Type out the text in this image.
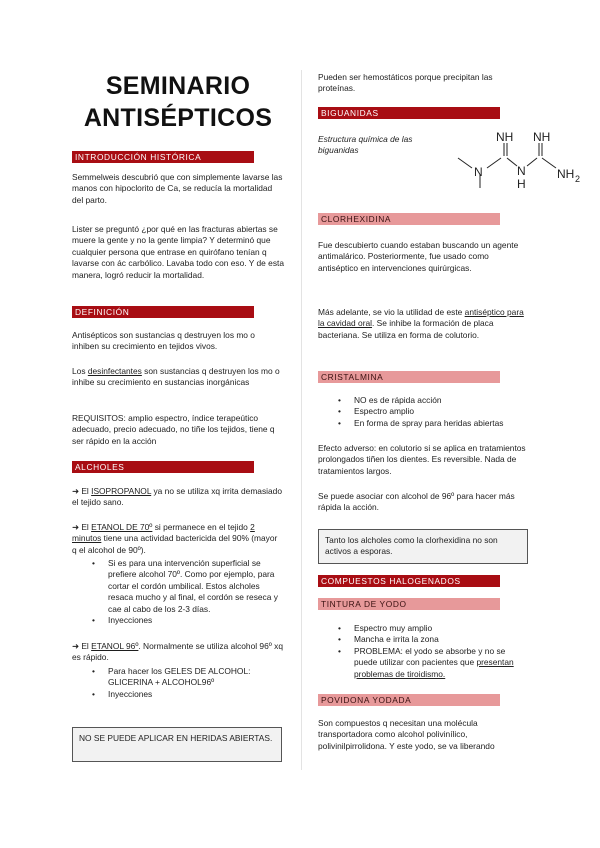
SEMINARIO
ANTISÉPTICOS
INTRODUCCIÓN HISTÓRICA
Semmelweis descubrió que con simplemente lavarse las manos con hipoclorito de Ca, se reducía la mortalidad del parto.
Lister se preguntó ¿por qué en las fracturas abiertas se muere la gente y no la gente limpia? Y determinó que cualquier persona que entrase en quirófano tenían q lavarse con ác carbólico. Lavaba todo con eso. Y de esta manera, logró reducir la mortalidad.
DEFINICIÓN
Antisépticos son sustancias q destruyen los mo o inhiben su crecimiento en tejidos vivos.
Los desinfectantes son sustancias q destruyen los mo o inhibe su crecimiento en sustancias inorgánicas
REQUISITOS: amplio espectro, índice terapeútico adecuado, precio adecuado, no tiñe los tejidos, tiene q ser rápido en la acción
ALCHOLES
➜ El ISOPROPANOL ya no se utiliza xq irrita demasiado el tejido sano.
➜ El ETANOL DE 70º si permanece en el tejido 2 minutos tiene una actividad bactericida del 90% (mayor q el alcohol de 90º).
• Si es para una intervención superficial se prefiere alcohol 70º. Como por ejemplo, para cortar el cordón umbilical. Estos alcholes resaca mucho y al final, el cordón se reseca y cae al cabo de los 2-3 días.
• Inyecciones
➜ El ETANOL 96º. Normalmente se utiliza alcohol 96º xq es rápido.
• Para hacer los GELES DE ALCOHOL: GLICERINA + ALCOHOL96º
• Inyecciones
NO SE PUEDE APLICAR EN HERIDAS ABIERTAS.
Pueden ser hemostáticos porque precipitan las proteínas.
BIGUANIDAS
Estructura química de las biguanidas
NH NH
N	N
H
NH 2
CLORHEXIDINA
Fue descubierto cuando estaban buscando un agente antimalárico. Posteriormente, fue usado como antiséptico en intervenciones quirúrgicas.
Más adelante, se vio la utilidad de este antiséptico para la cavidad oral. Se inhibe la formación de placa bacteriana. Se utiliza en forma de colutorio.
CRISTALMINA
• NO es de rápida acción
• Espectro amplio
• En forma de spray para heridas abiertas
Efecto adverso: en colutorio si se aplica en tratamientos prolongados tiñen los dientes. Es reversible. Nada de tratamientos largos.
Se puede asociar con alcohol de 96º para hacer más rápida la acción.
Tanto los alcholes como la clorhexidina no son activos a esporas.
COMPUESTOS HALOGENADOS
TINTURA DE YODO
• Espectro muy amplio
• Mancha e irrita la zona
• PROBLEMA: el yodo se absorbe y no se puede utilizar con pacientes que presentan problemas de tiroidismo.
POVIDONA YODADA
Son compuestos q necesitan una molécula transportadora como alcohol polivinílico, polivinilpirrolidona. Y este yodo, se va liberando
